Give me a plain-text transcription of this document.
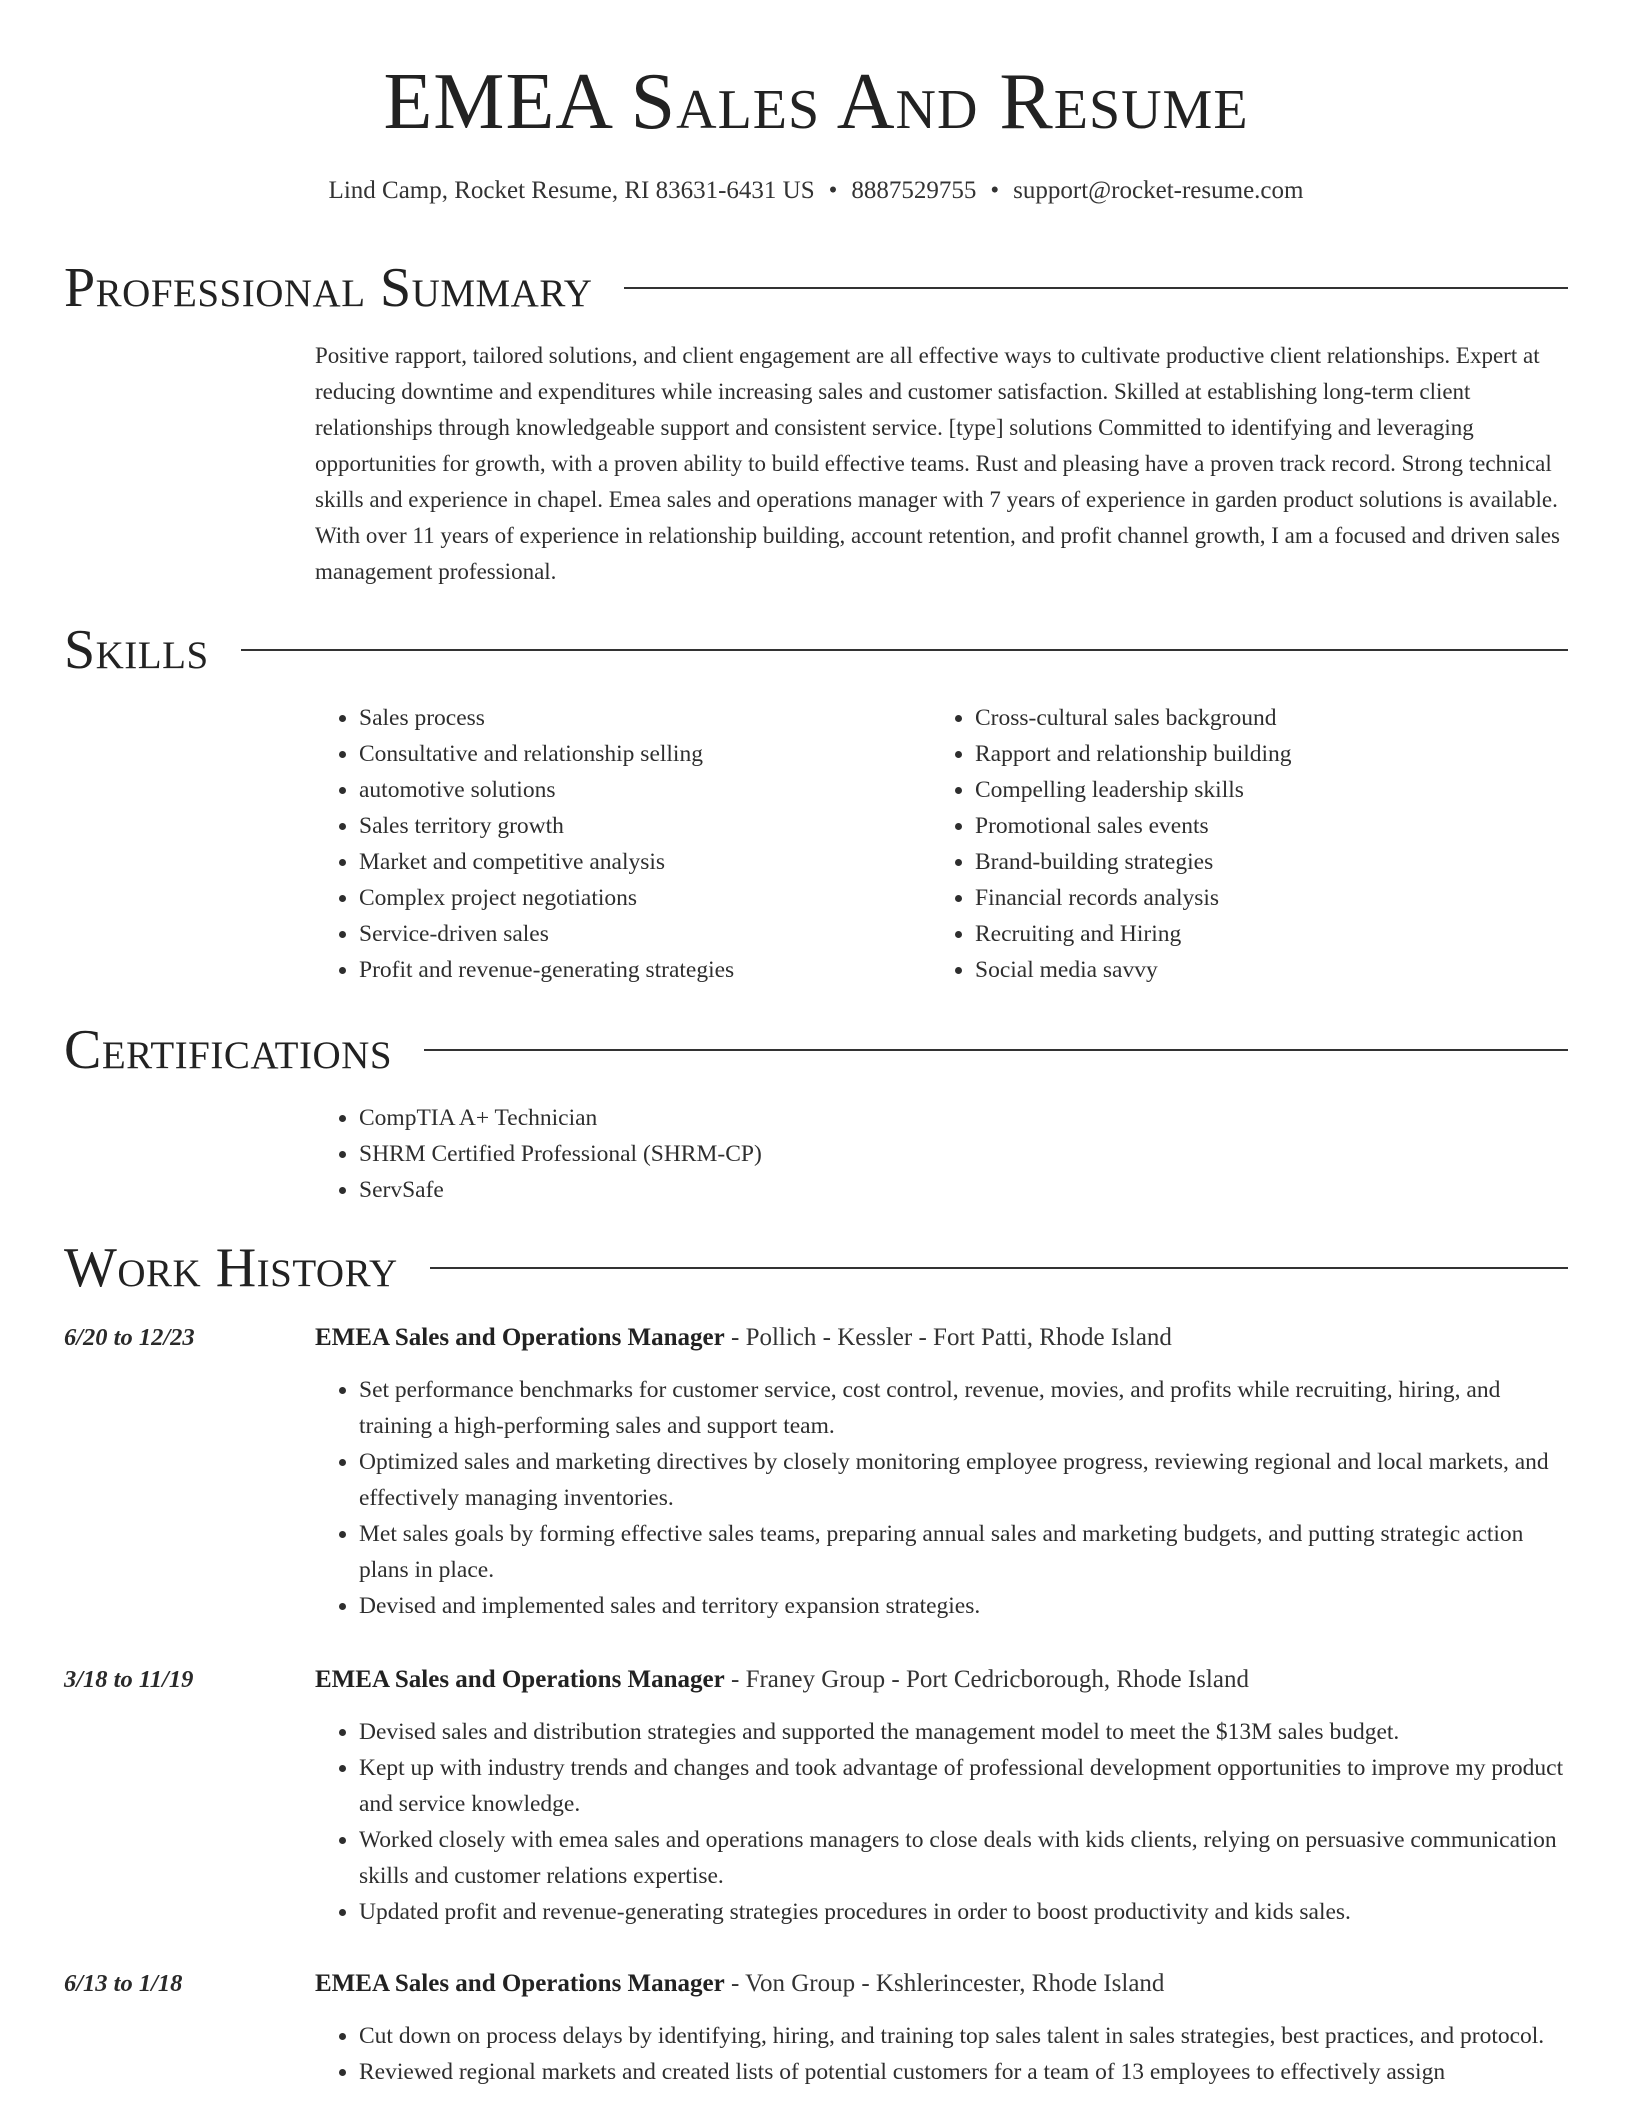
EMEA Sales And Resume
Lind Camp, Rocket Resume, RI 83631-6431 US • 8887529755 • support@rocket-resume.com
Professional Summary

Positive rapport, tailored solutions, and client engagement are all effective ways to cultivate productive client relationships. Expert at reducing downtime and expenditures while increasing sales and customer satisfaction. Skilled at establishing long-term client relationships through knowledgeable support and consistent service. [type] solutions Committed to identifying and leveraging opportunities for growth, with a proven ability to build effective teams. Rust and pleasing have a proven track record. Strong technical skills and experience in chapel. Emea sales and operations manager with 7 years of experience in garden product solutions is available. With over 11 years of experience in relationship building, account retention, and profit channel growth, I am a focused and driven sales management professional.

Skills
• Sales process
• Consultative and relationship selling
• automotive solutions
• Sales territory growth
• Market and competitive analysis
• Complex project negotiations
• Service-driven sales
• Profit and revenue-generating strategies
• Cross-cultural sales background
• Rapport and relationship building
• Compelling leadership skills
• Promotional sales events
• Brand-building strategies
• Financial records analysis
• Recruiting and Hiring
• Social media savvy
Certifications
• CompTIA A+ Technician
• SHRM Certified Professional (SHRM-CP)
• ServSafe
Work History
6/20 to 12/23	EMEA Sales and Operations Manager - Pollich - Kessler - Fort Patti, Rhode Island
• Set performance benchmarks for customer service, cost control, revenue, movies, and profits while recruiting, hiring, and training a high-performing sales and support team.
• Optimized sales and marketing directives by closely monitoring employee progress, reviewing regional and local markets, and effectively managing inventories.
• Met sales goals by forming effective sales teams, preparing annual sales and marketing budgets, and putting strategic action plans in place.
• Devised and implemented sales and territory expansion strategies.
3/18 to 11/19	EMEA Sales and Operations Manager - Franey Group - Port Cedricborough, Rhode Island
• Devised sales and distribution strategies and supported the management model to meet the $13M sales budget.
• Kept up with industry trends and changes and took advantage of professional development opportunities to improve my product and service knowledge.
• Worked closely with emea sales and operations managers to close deals with kids clients, relying on persuasive communication skills and customer relations expertise.
• Updated profit and revenue-generating strategies procedures in order to boost productivity and kids sales.
6/13 to 1/18	EMEA Sales and Operations Manager - Von Group - Kshlerincester, Rhode Island
• Cut down on process delays by identifying, hiring, and training top sales talent in sales strategies, best practices, and protocol.
• Reviewed regional markets and created lists of potential customers for a team of 13 employees to effectively assign
